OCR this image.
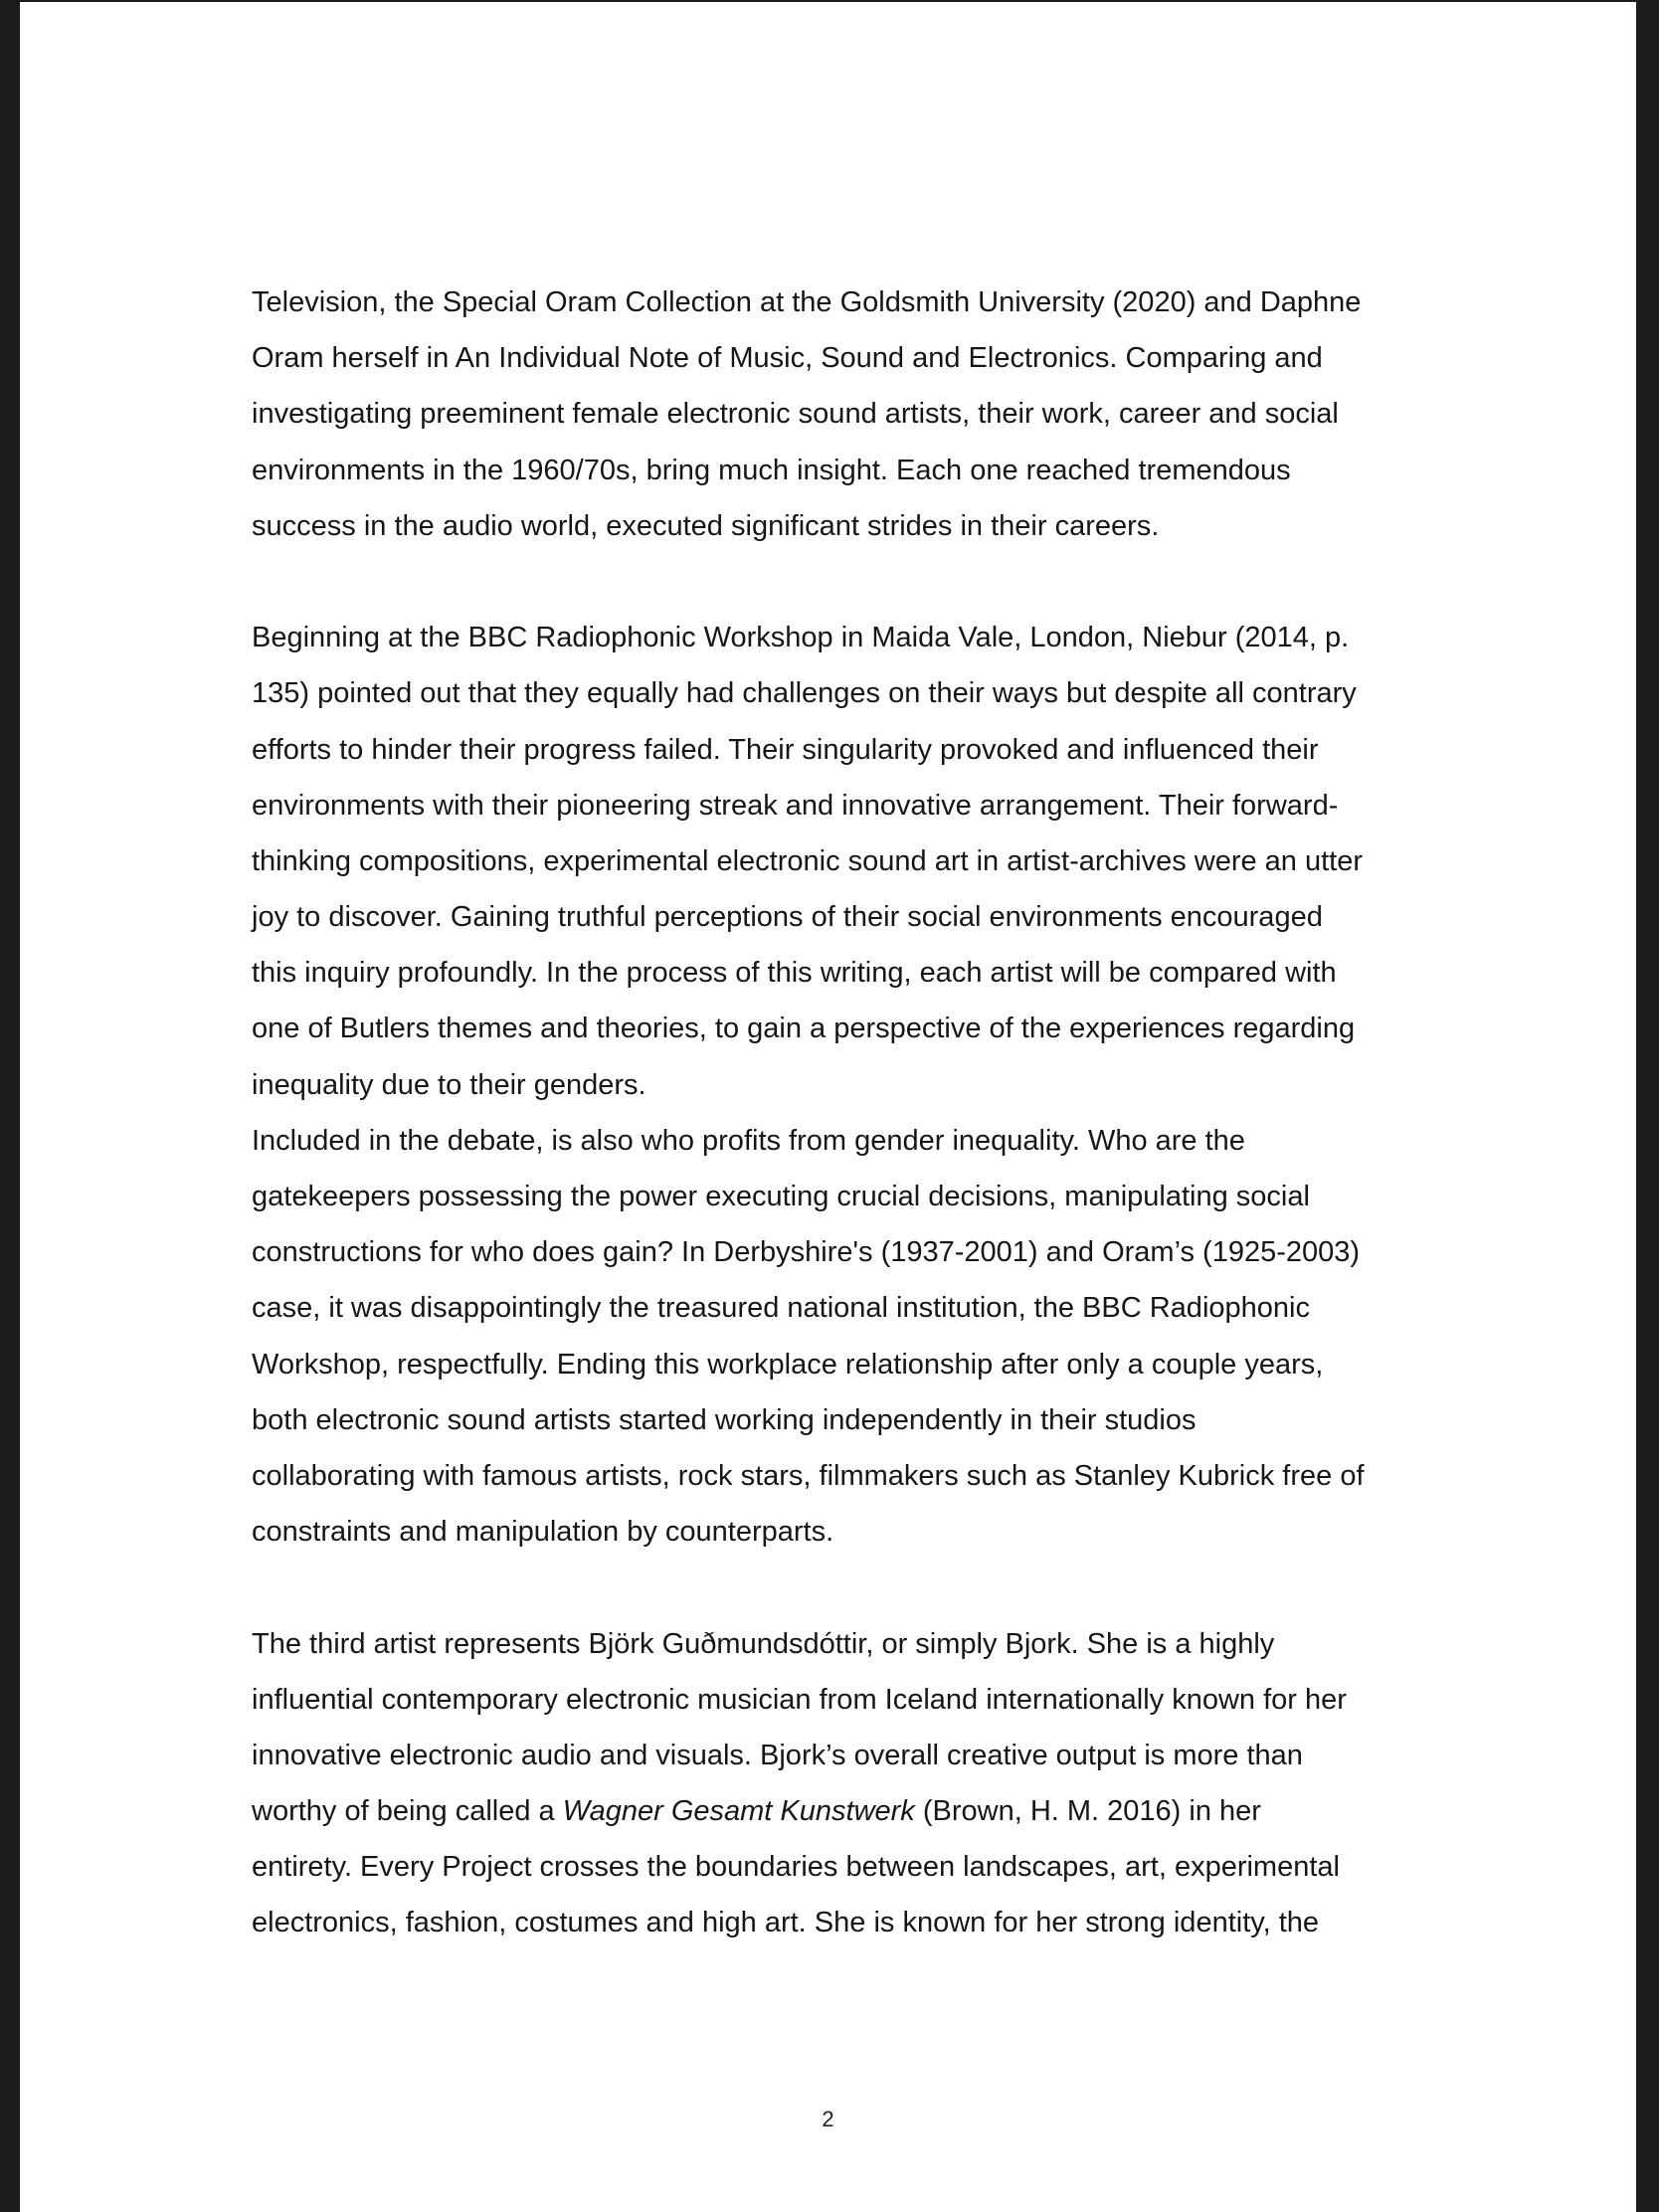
Television, the Special Oram Collection at the Goldsmith University (2020) and Daphne
Oram herself in An Individual Note of Music, Sound and Electronics. Comparing and
investigating preeminent female electronic sound artists, their work, career and social
environments in the 1960/70s, bring much insight. Each one reached tremendous
success in the audio world, executed significant strides in their careers.
Beginning at the BBC Radiophonic Workshop in Maida Vale, London, Niebur (2014, p.
135) pointed out that they equally had challenges on their ways but despite all contrary
efforts to hinder their progress failed. Their singularity provoked and influenced their
environments with their pioneering streak and innovative arrangement. Their forward-
thinking compositions, experimental electronic sound art in artist-archives were an utter
joy to discover. Gaining truthful perceptions of their social environments encouraged
this inquiry profoundly. In the process of this writing, each artist will be compared with
one of Butlers themes and theories, to gain a perspective of the experiences regarding
inequality due to their genders.
Included in the debate, is also who profits from gender inequality. Who are the
gatekeepers possessing the power executing crucial decisions, manipulating social
constructions for who does gain? In Derbyshire's (1937-2001) and Oram’s (1925-2003)
case, it was disappointingly the treasured national institution, the BBC Radiophonic
Workshop, respectfully. Ending this workplace relationship after only a couple years,
both electronic sound artists started working independently in their studios
collaborating with famous artists, rock stars, filmmakers such as Stanley Kubrick free of
constraints and manipulation by counterparts.
The third artist represents Björk Guðmundsdóttir, or simply Bjork. She is a highly
influential contemporary electronic musician from Iceland internationally known for her
innovative electronic audio and visuals. Bjork’s overall creative output is more than
worthy of being called a Wagner Gesamt Kunstwerk (Brown, H. M. 2016) in her
entirety. Every Project crosses the boundaries between landscapes, art, experimental
electronics, fashion, costumes and high art. She is known for her strong identity, the
2
